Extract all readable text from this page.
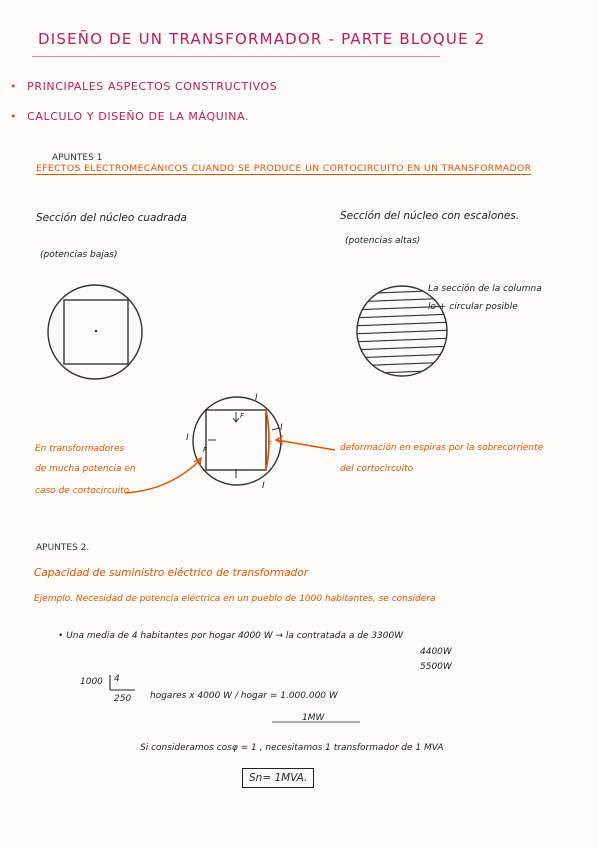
DISEÑO DE UN TRANSFORMADOR - PARTE BLOQUE 2
• PRINCIPALES ASPECTOS CONSTRUCTIVOS
• CALCULO Y DISEÑO DE LA MÁQUINA.
APUNTES 1
EFECTOS ELECTROMECÁNICOS CUANDO SE PRODUCE UN CORTOCIRCUITO EN UN TRANSFORMADOR
Sección del núcleo cuadrada
(potencias bajas)
Sección del núcleo con escalones.
(potencias altas)
La sección de la columna
lo + circular posible
I
I
I
I
F
F
F
En transformadores
de mucha potencia en
caso de cortocircuito
deformación en espiras por la sobrecorriente
del cortocircuito
APUNTES 2.
Capacidad de suministro eléctrico de transformador
Ejemplo. Necesidad de potencia eléctrica en un pueblo de 1000 habitantes, se considera
• Una media de 4 habitantes por hogar 4000 W → la contratada a de 3300W
4400W
5500W
1000 4
250 hogares x 4000 W / hogar = 1.000.000 W
1MW
Si consideramos cosφ = 1 , necesitamos 1 transformador de 1 MVA
Sn= 1MVA.
